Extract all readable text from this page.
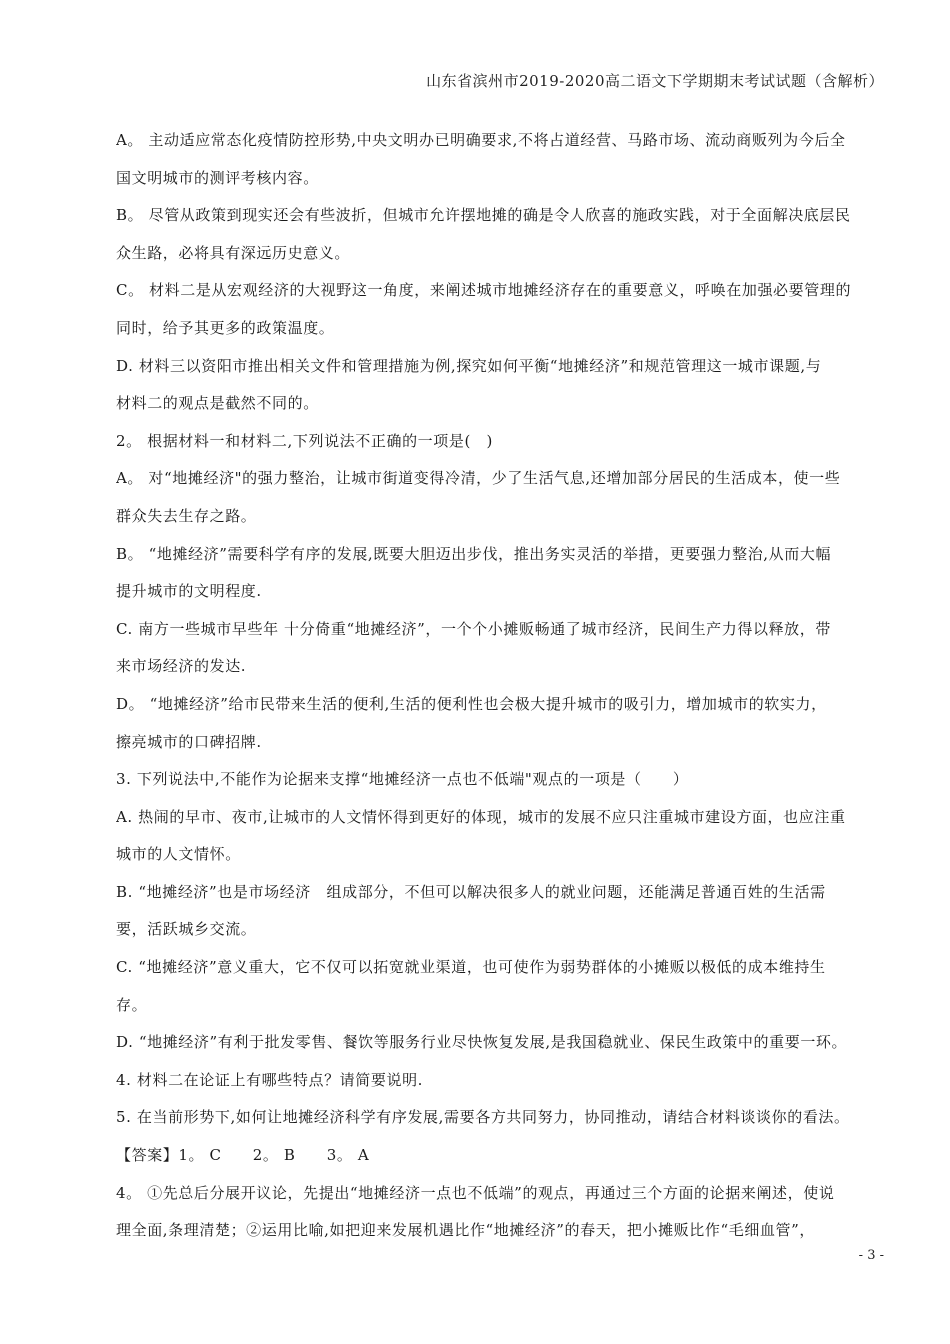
山东省滨州市2019-2020高二语文下学期期末考试试题（含解析）
A。 主动适应常态化疫情防控形势,中央文明办已明确要求,不将占道经营、马路市场、流动商贩列为今后全
国文明城市的测评考核内容。
B。 尽管从政策到现实还会有些波折，但城市允许摆地摊的确是令人欣喜的施政实践，对于全面解决底层民
众生路，必将具有深远历史意义。
C。 材料二是从宏观经济的大视野这一角度，来阐述城市地摊经济存在的重要意义，呼唤在加强必要管理的
同时，给予其更多的政策温度。
D. 材料三以资阳市推出相关文件和管理措施为例,探究如何平衡“地摊经济”和规范管理这一城市课题,与
材料二的观点是截然不同的。
2。 根据材料一和材料二,下列说法不正确的一项是(　)
A。 对“地摊经济"的强力整治，让城市街道变得冷清，少了生活气息,还增加部分居民的生活成本，使一些
群众失去生存之路。
B。 “地摊经济”需要科学有序的发展,既要大胆迈出步伐，推出务实灵活的举措，更要强力整治,从而大幅
提升城市的文明程度.
C. 南方一些城市早些年 十分倚重“地摊经济”，一个个小摊贩畅通了城市经济，民间生产力得以释放，带
来市场经济的发达.
D。 “地摊经济”给市民带来生活的便利,生活的便利性也会极大提升城市的吸引力，增加城市的软实力，
擦亮城市的口碑招牌.
3. 下列说法中,不能作为论据来支撑“地摊经济一点也不低端"观点的一项是（　　）
A. 热闹的早市、夜市,让城市的人文情怀得到更好的体现，城市的发展不应只注重城市建设方面，也应注重
城市的人文情怀。
B. “地摊经济”也是市场经济　组成部分，不但可以解决很多人的就业问题，还能满足普通百姓的生活需
要，活跃城乡交流。
C. “地摊经济”意义重大，它不仅可以拓宽就业渠道，也可使作为弱势群体的小摊贩以极低的成本维持生
存。
D. “地摊经济”有利于批发零售、餐饮等服务行业尽快恢复发展,是我国稳就业、保民生政策中的重要一环。
4. 材料二在论证上有哪些特点？请简要说明.
5. 在当前形势下,如何让地摊经济科学有序发展,需要各方共同努力，协同推动，请结合材料谈谈你的看法。
【答案】1。 C　　2。 B　　3。 A
4。 ①先总后分展开议论，先提出“地摊经济一点也不低端”的观点，再通过三个方面的论据来阐述，使说
理全面,条理清楚；②运用比喻,如把迎来发展机遇比作“地摊经济”的春天，把小摊贩比作“毛细血管”，
- 3 -
